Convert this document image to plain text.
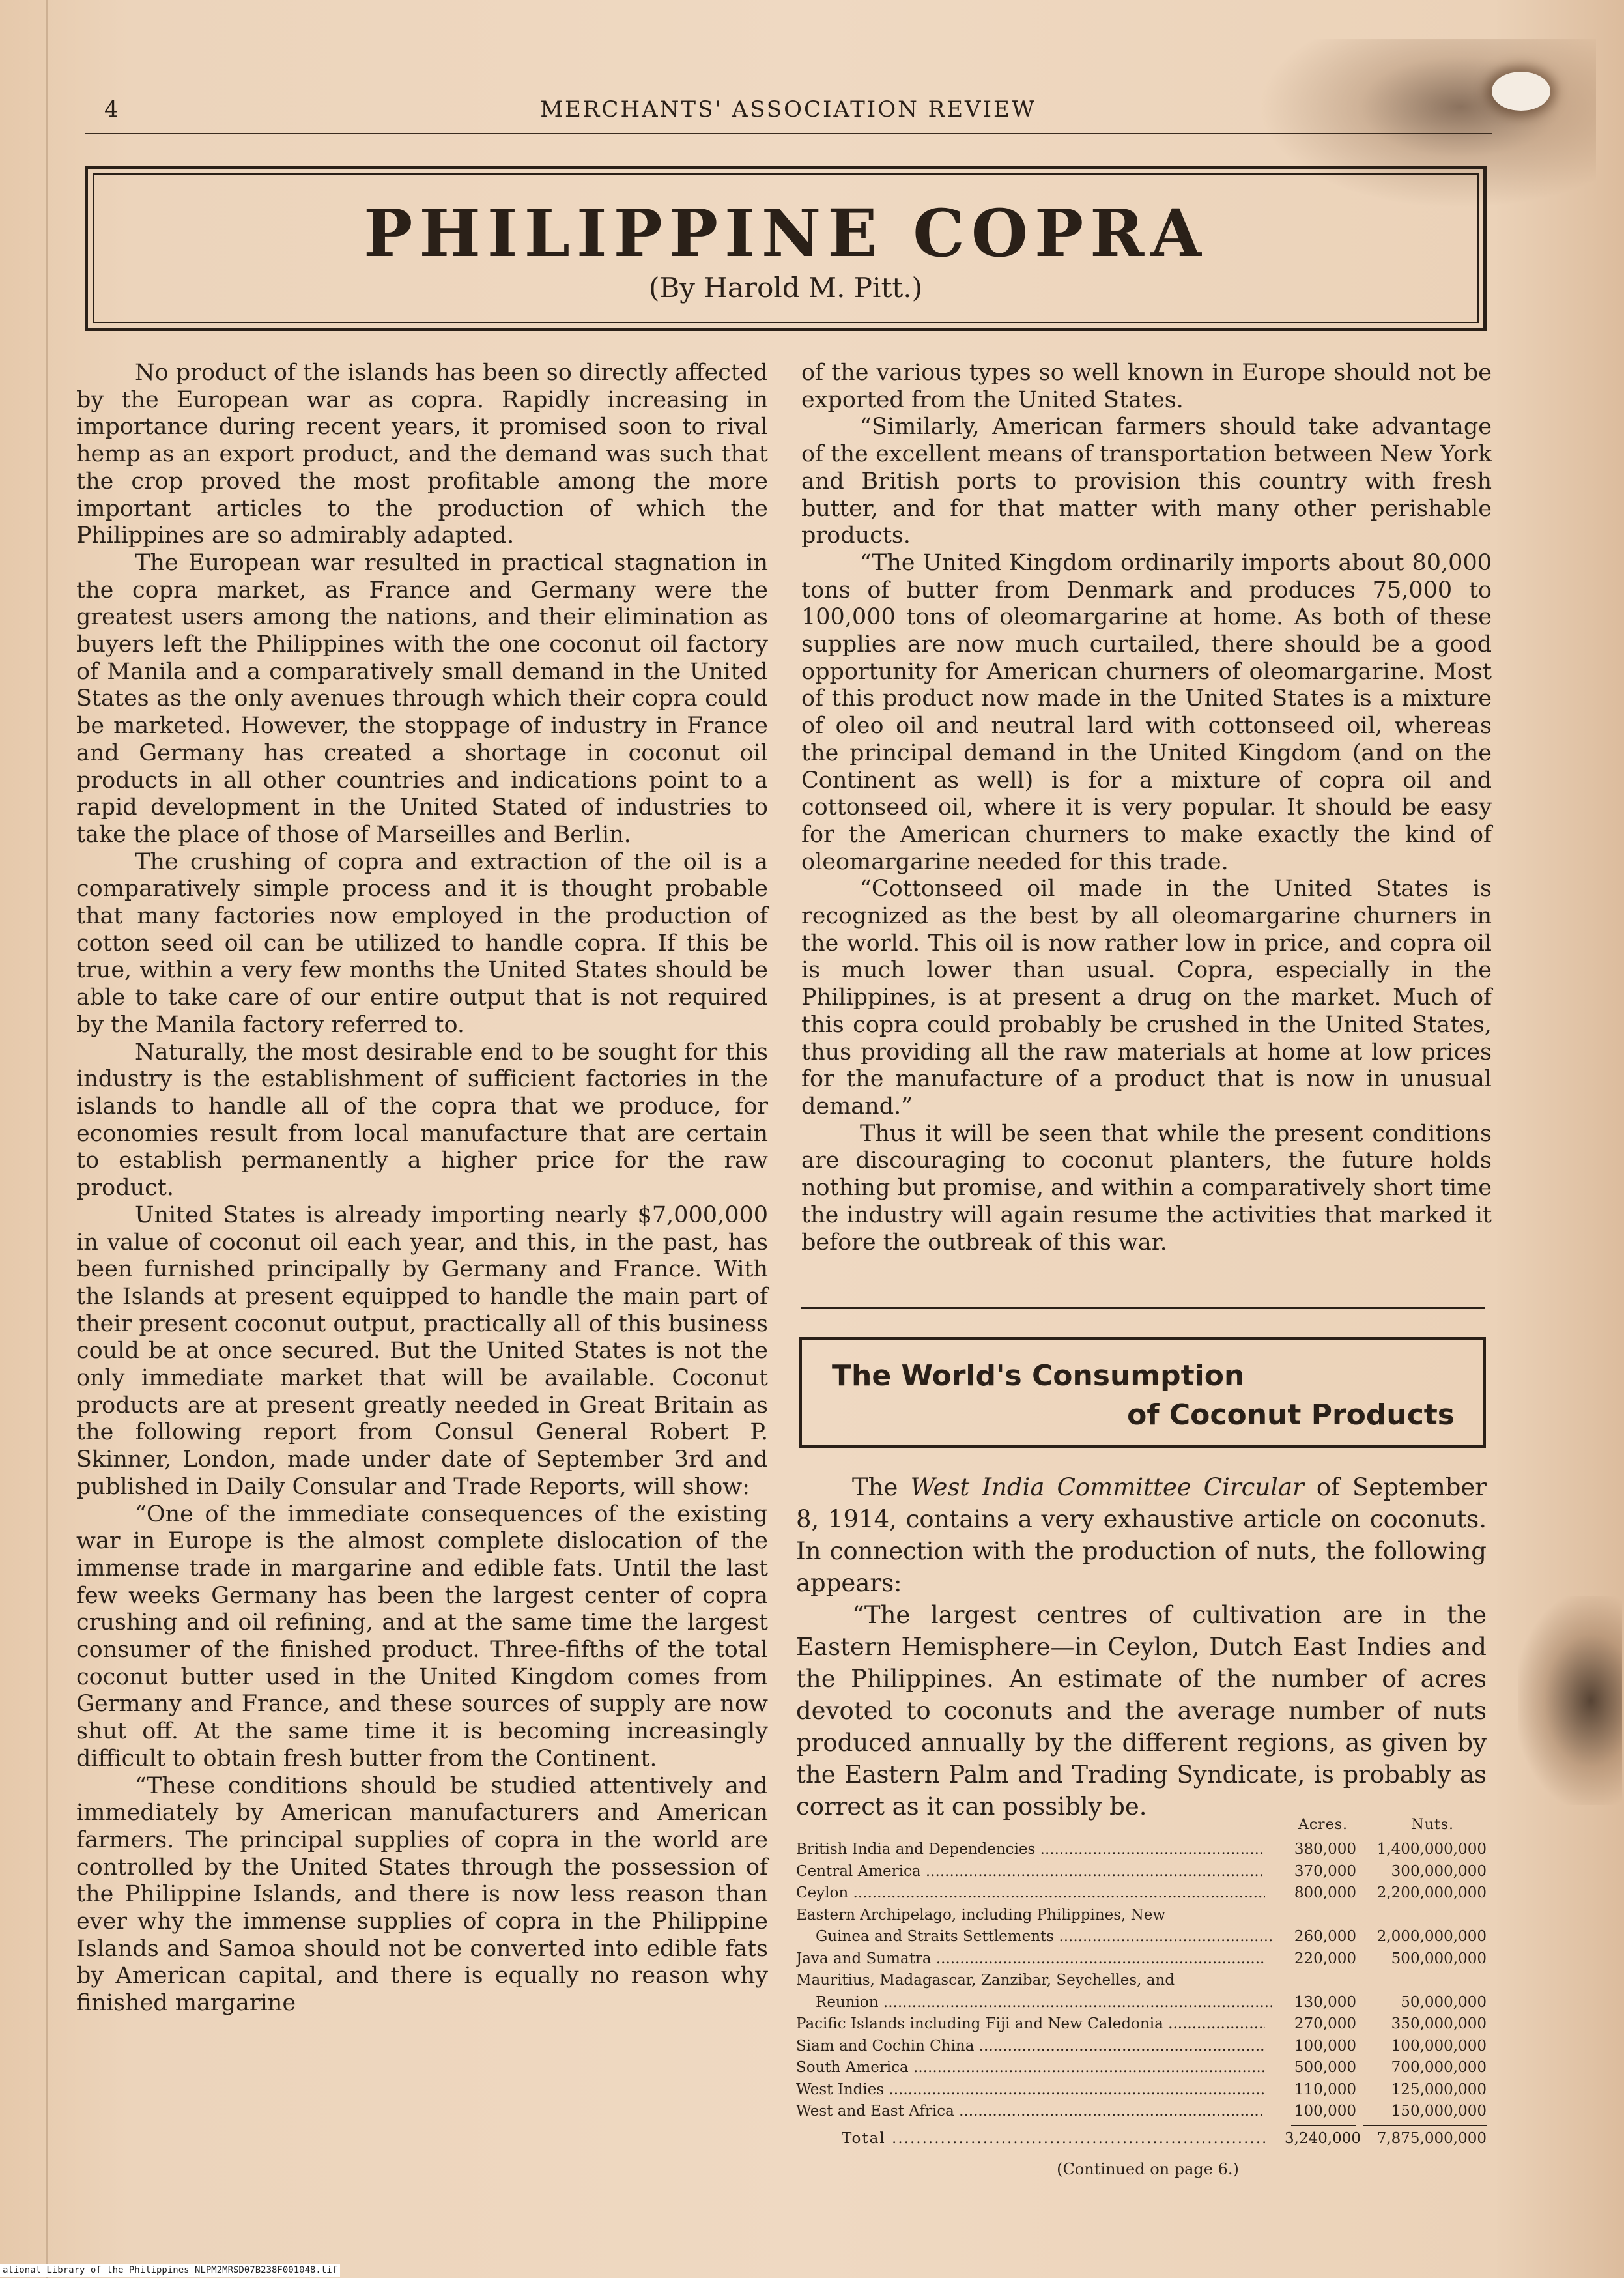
4	MERCHANTS' ASSOCIATION REVIEW
PHILIPPINE COPRA
(By Harold M. Pitt.)

No product of the islands has been so directly affected by the European war as copra. Rapidly increasing in importance during recent years, it promised soon to rival hemp as an export product, and the demand was such that the crop proved the most profitable among the more important articles to the production of which the Philippines are so admirably adapted.

The European war resulted in practical stagnation in the copra market, as France and Germany were the greatest users among the nations, and their elimination as buyers left the Philippines with the one coconut oil factory of Manila and a comparatively small demand in the United States as the only avenues through which their copra could be marketed. However, the stoppage of industry in France and Germany has created a shortage in coconut oil products in all other countries and indications point to a rapid development in the United Stated of industries to take the place of those of Marseilles and Berlin.

The crushing of copra and extraction of the oil is a comparatively simple process and it is thought probable that many factories now employed in the production of cotton seed oil can be utilized to handle copra. If this be true, within a very few months the United States should be able to take care of our entire output that is not required by the Manila factory referred to.

Naturally, the most desirable end to be sought for this industry is the establishment of sufficient factories in the islands to handle all of the copra that we produce, for economies result from local manufacture that are certain to establish permanently a higher price for the raw product.

United States is already importing nearly $7,000,000 in value of coconut oil each year, and this, in the past, has been furnished principally by Germany and France. With the Islands at present equipped to handle the main part of their present coconut output, practically all of this business could be at once secured. But the United States is not the only immediate market that will be available. Coconut products are at present greatly needed in Great Britain as the following report from Consul General Robert P. Skinner, London, made under date of September 3rd and published in Daily Consular and Trade Reports, will show:

“One of the immediate consequences of the existing war in Europe is the almost complete dislocation of the immense trade in margarine and edible fats. Until the last few weeks Germany has been the largest center of copra crushing and oil refining, and at the same time the largest consumer of the finished product. Three-fifths of the total coconut butter used in the United Kingdom comes from Germany and France, and these sources of supply are now shut off. At the same time it is becoming increasingly difficult to obtain fresh butter from the Continent.

“These conditions should be studied attentively and immediately by American manufacturers and American farmers. The principal supplies of copra in the world are controlled by the United States through the possession of the Philippine Islands, and there is now less reason than ever why the immense supplies of copra in the Philippine Islands and Samoa should not be converted into edible fats by American capital, and there is equally no reason why finished margarine

of the various types so well known in Europe should not be exported from the United States.

“Similarly, American farmers should take advantage of the excellent means of transportation between New York and British ports to provision this country with fresh butter, and for that matter with many other perishable products.

“The United Kingdom ordinarily imports about 80,000 tons of butter from Denmark and produces 75,000 to 100,000 tons of oleomargarine at home. As both of these supplies are now much curtailed, there should be a good opportunity for American churners of oleomargarine. Most of this product now made in the United States is a mixture of oleo oil and neutral lard with cottonseed oil, whereas the principal demand in the United Kingdom (and on the Continent as well) is for a mixture of copra oil and cottonseed oil, where it is very popular. It should be easy for the American churners to make exactly the kind of oleomargarine needed for this trade.

“Cottonseed oil made in the United States is recognized as the best by all oleomargarine churners in the world. This oil is now rather low in price, and copra oil is much lower than usual. Copra, especially in the Philippines, is at present a drug on the market. Much of this copra could probably be crushed in the United States, thus providing all the raw materials at home at low prices for the manufacture of a product that is now in unusual demand.”

Thus it will be seen that while the present conditions are discouraging to coconut planters, the future holds nothing but promise, and within a comparatively short time the industry will again resume the activities that marked it before the outbreak of this war.

The World's Consumption
of Coconut Products

The West India Committee Circular of September 8, 1914, contains a very exhaustive article on coconuts. In connection with the production of nuts, the following appears:

“The largest centres of cultivation are in the Eastern Hemisphere—in Ceylon, Dutch East Indies and the Philippines. An estimate of the number of acres devoted to coconuts and the average number of nuts produced annually by the different regions, as given by the Eastern Palm and Trading Syndicate, is probably as correct as it can possibly be.

Acres.	Nuts.
British India and Dependencies .....	380,000	1,400,000,000
Central America .....	370,000	300,000,000
Ceylon .....	800,000	2,200,000,000
Eastern Archipelago, including Philippines, New
Guinea and Straits Settlements .....	260,000	2,000,000,000
Java and Sumatra .....	220,000	500,000,000
Mauritius, Madagascar, Zanzibar, Seychelles, and
Reunion .....	130,000	50,000,000
Pacific Islands including Fiji and New Caledonia .....	270,000	350,000,000
Siam and Cochin China .....	100,000	100,000,000
South America .....	500,000	700,000,000
West Indies .....	110,000	125,000,000
West and East Africa .....	100,000	150,000,000
Total .....	3,240,000	7,875,000,000
(Continued on page 6.)
ational Library of the Philippines NLPM2MRSD07B238F001048.tif
